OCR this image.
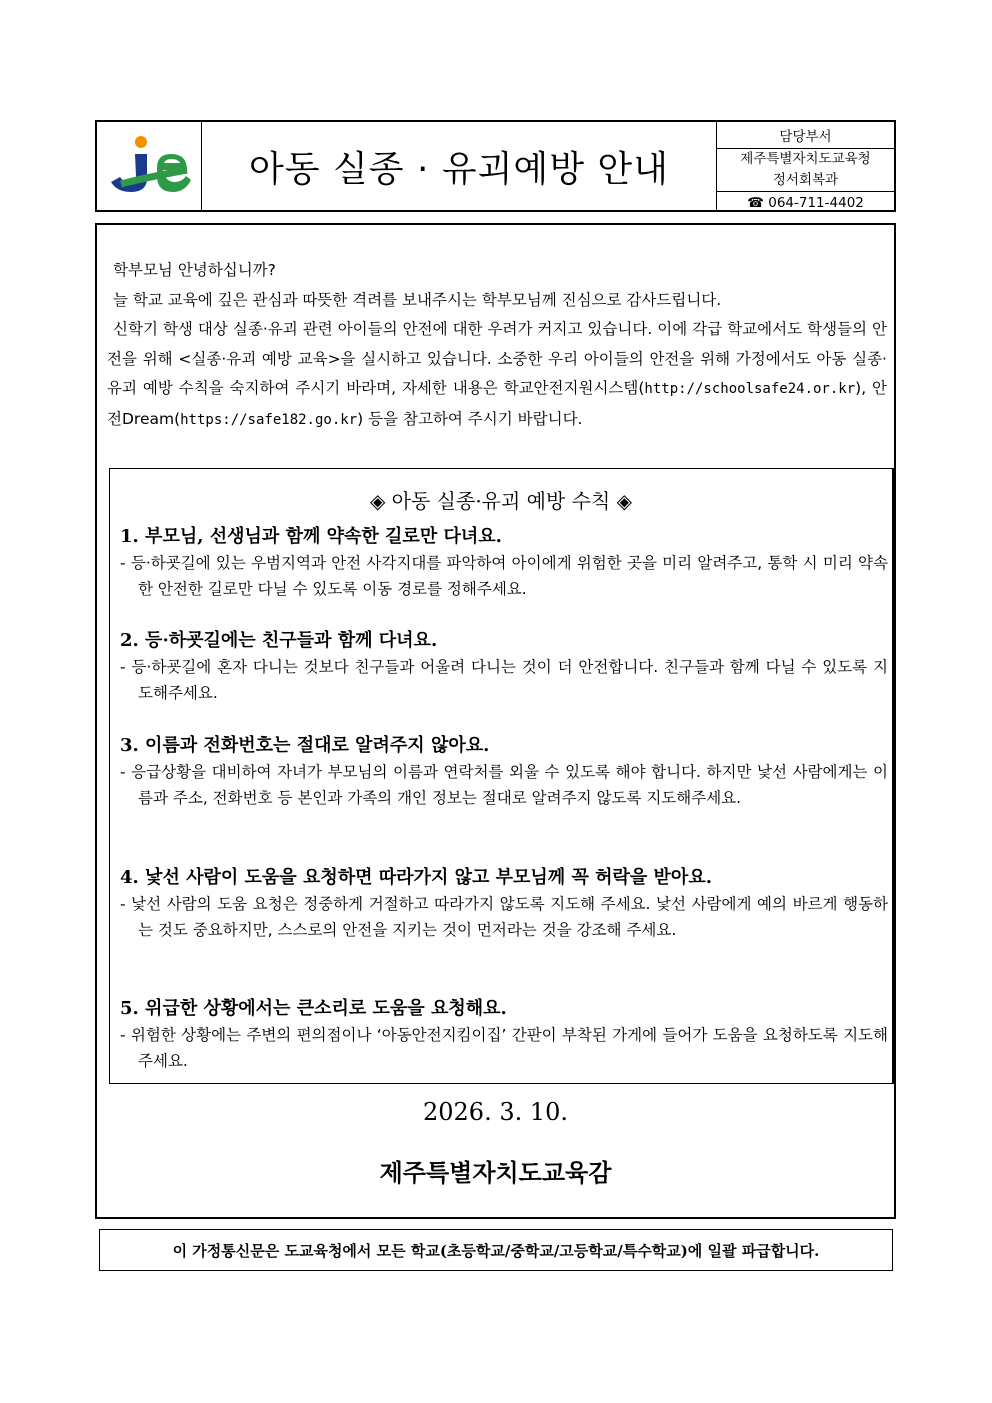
아동 실종 · 유괴예방 안내
담당부서
제주특별자치도교육청
정서회복과
☎ 064-711-4402

학부모님 안녕하십니까?

늘 학교 교육에 깊은 관심과 따뜻한 격려를 보내주시는 학부모님께 진심으로 감사드립니다.

신학기 학생 대상 실종·유괴 관련 아이들의 안전에 대한 우려가 커지고 있습니다. 이에 각급 학교에서도 학생들의 안전을 위해 <실종·유괴 예방 교육>을 실시하고 있습니다. 소중한 우리 아이들의 안전을 위해 가정에서도 아동 실종·유괴 예방 수칙을 숙지하여 주시기 바라며, 자세한 내용은 학교안전지원시스템(http://schoolsafe24.or.kr), 안전Dream(https://safe182.go.kr) 등을 참고하여 주시기 바랍니다.

◈ 아동 실종·유괴 예방 수칙 ◈
1. 부모님, 선생님과 함께 약속한 길로만 다녀요.
- 등·하굣길에 있는 우범지역과 안전 사각지대를 파악하여 아이에게 위험한 곳을 미리 알려주고, 통학 시 미리 약속한 안전한 길로만 다닐 수 있도록 이동 경로를 정해주세요.
2. 등·하굣길에는 친구들과 함께 다녀요.
- 등·하굣길에 혼자 다니는 것보다 친구들과 어울려 다니는 것이 더 안전합니다. 친구들과 함께 다닐 수 있도록 지도해주세요.
3. 이름과 전화번호는 절대로 알려주지 않아요.
- 응급상황을 대비하여 자녀가 부모님의 이름과 연락처를 외울 수 있도록 해야 합니다. 하지만 낯선 사람에게는 이름과 주소, 전화번호 등 본인과 가족의 개인 정보는 절대로 알려주지 않도록 지도해주세요.
4. 낯선 사람이 도움을 요청하면 따라가지 않고 부모님께 꼭 허락을 받아요.
- 낯선 사람의 도움 요청은 정중하게 거절하고 따라가지 않도록 지도해 주세요. 낯선 사람에게 예의 바르게 행동하는 것도 중요하지만, 스스로의 안전을 지키는 것이 먼저라는 것을 강조해 주세요.
5. 위급한 상황에서는 큰소리로 도움을 요청해요.
- 위험한 상황에는 주변의 편의점이나 ‘아동안전지킴이집’ 간판이 부착된 가게에 들어가 도움을 요청하도록 지도해주세요.
2026. 3. 10.
제주특별자치도교육감
이 가정통신문은 도교육청에서 모든 학교(초등학교/중학교/고등학교/특수학교)에 일괄 파급합니다.
